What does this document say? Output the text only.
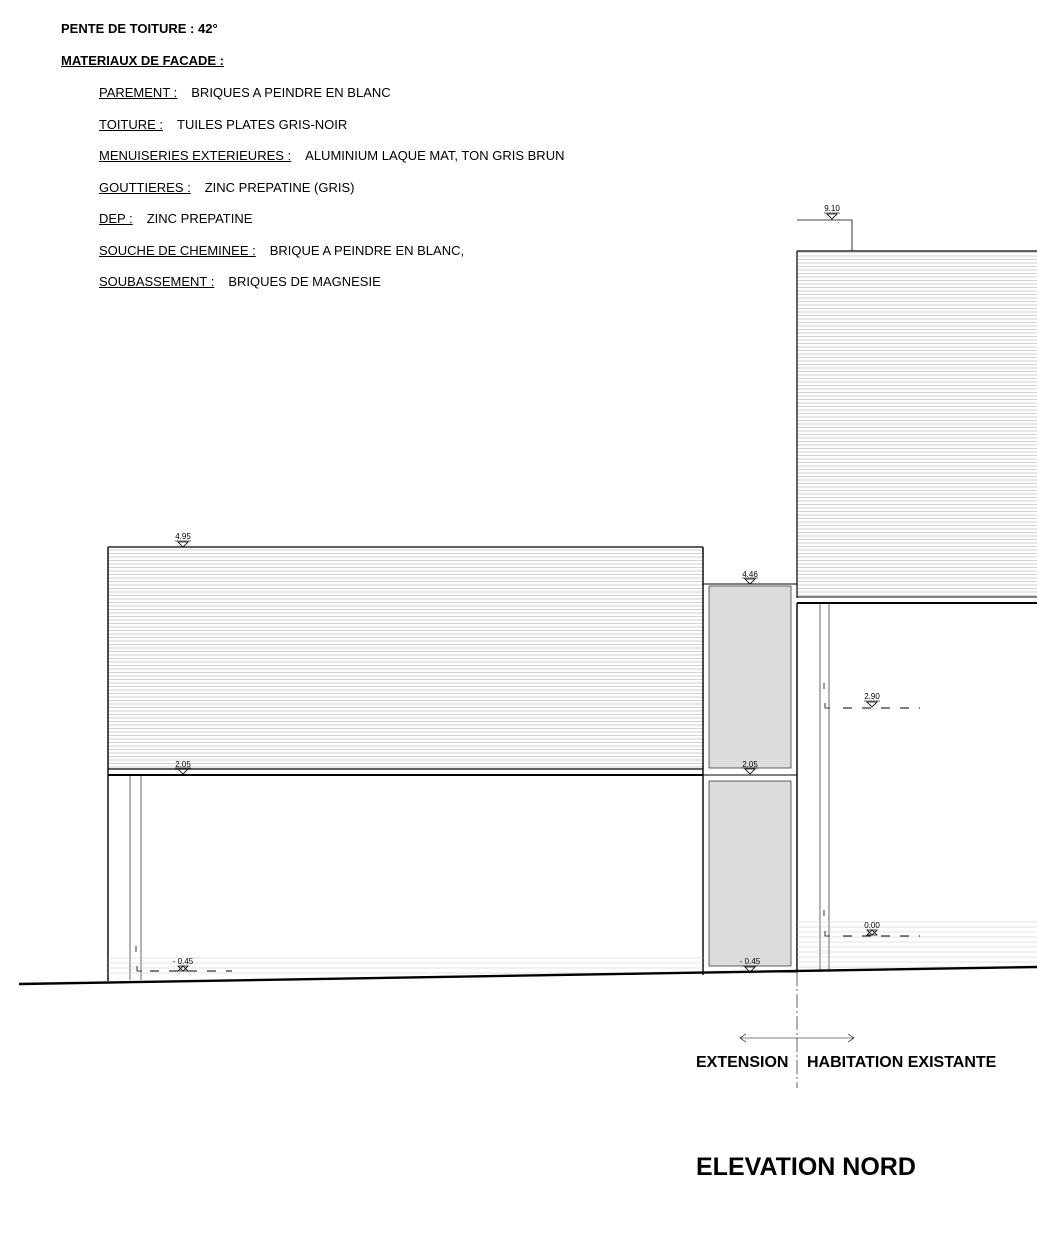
PENTE DE TOITURE : 42°
MATERIAUX DE FACADE :
PAREMENT : BRIQUES A PEINDRE EN BLANC
TOITURE : TUILES PLATES GRIS-NOIR
MENUISERIES EXTERIEURES : ALUMINIUM LAQUE MAT, TON GRIS BRUN
GOUTTIERES : ZINC PREPATINE (GRIS)
DEP : ZINC PREPATINE
SOUCHE DE CHEMINEE : BRIQUE A PEINDRE EN BLANC,
SOUBASSEMENT : BRIQUES DE MAGNESIE
9.10
4.95
2.05
- 0.45
4.46
2.05
- 0.45
2.90
0.00
EXTENSION HABITATION EXISTANTE
ELEVATION NORD
